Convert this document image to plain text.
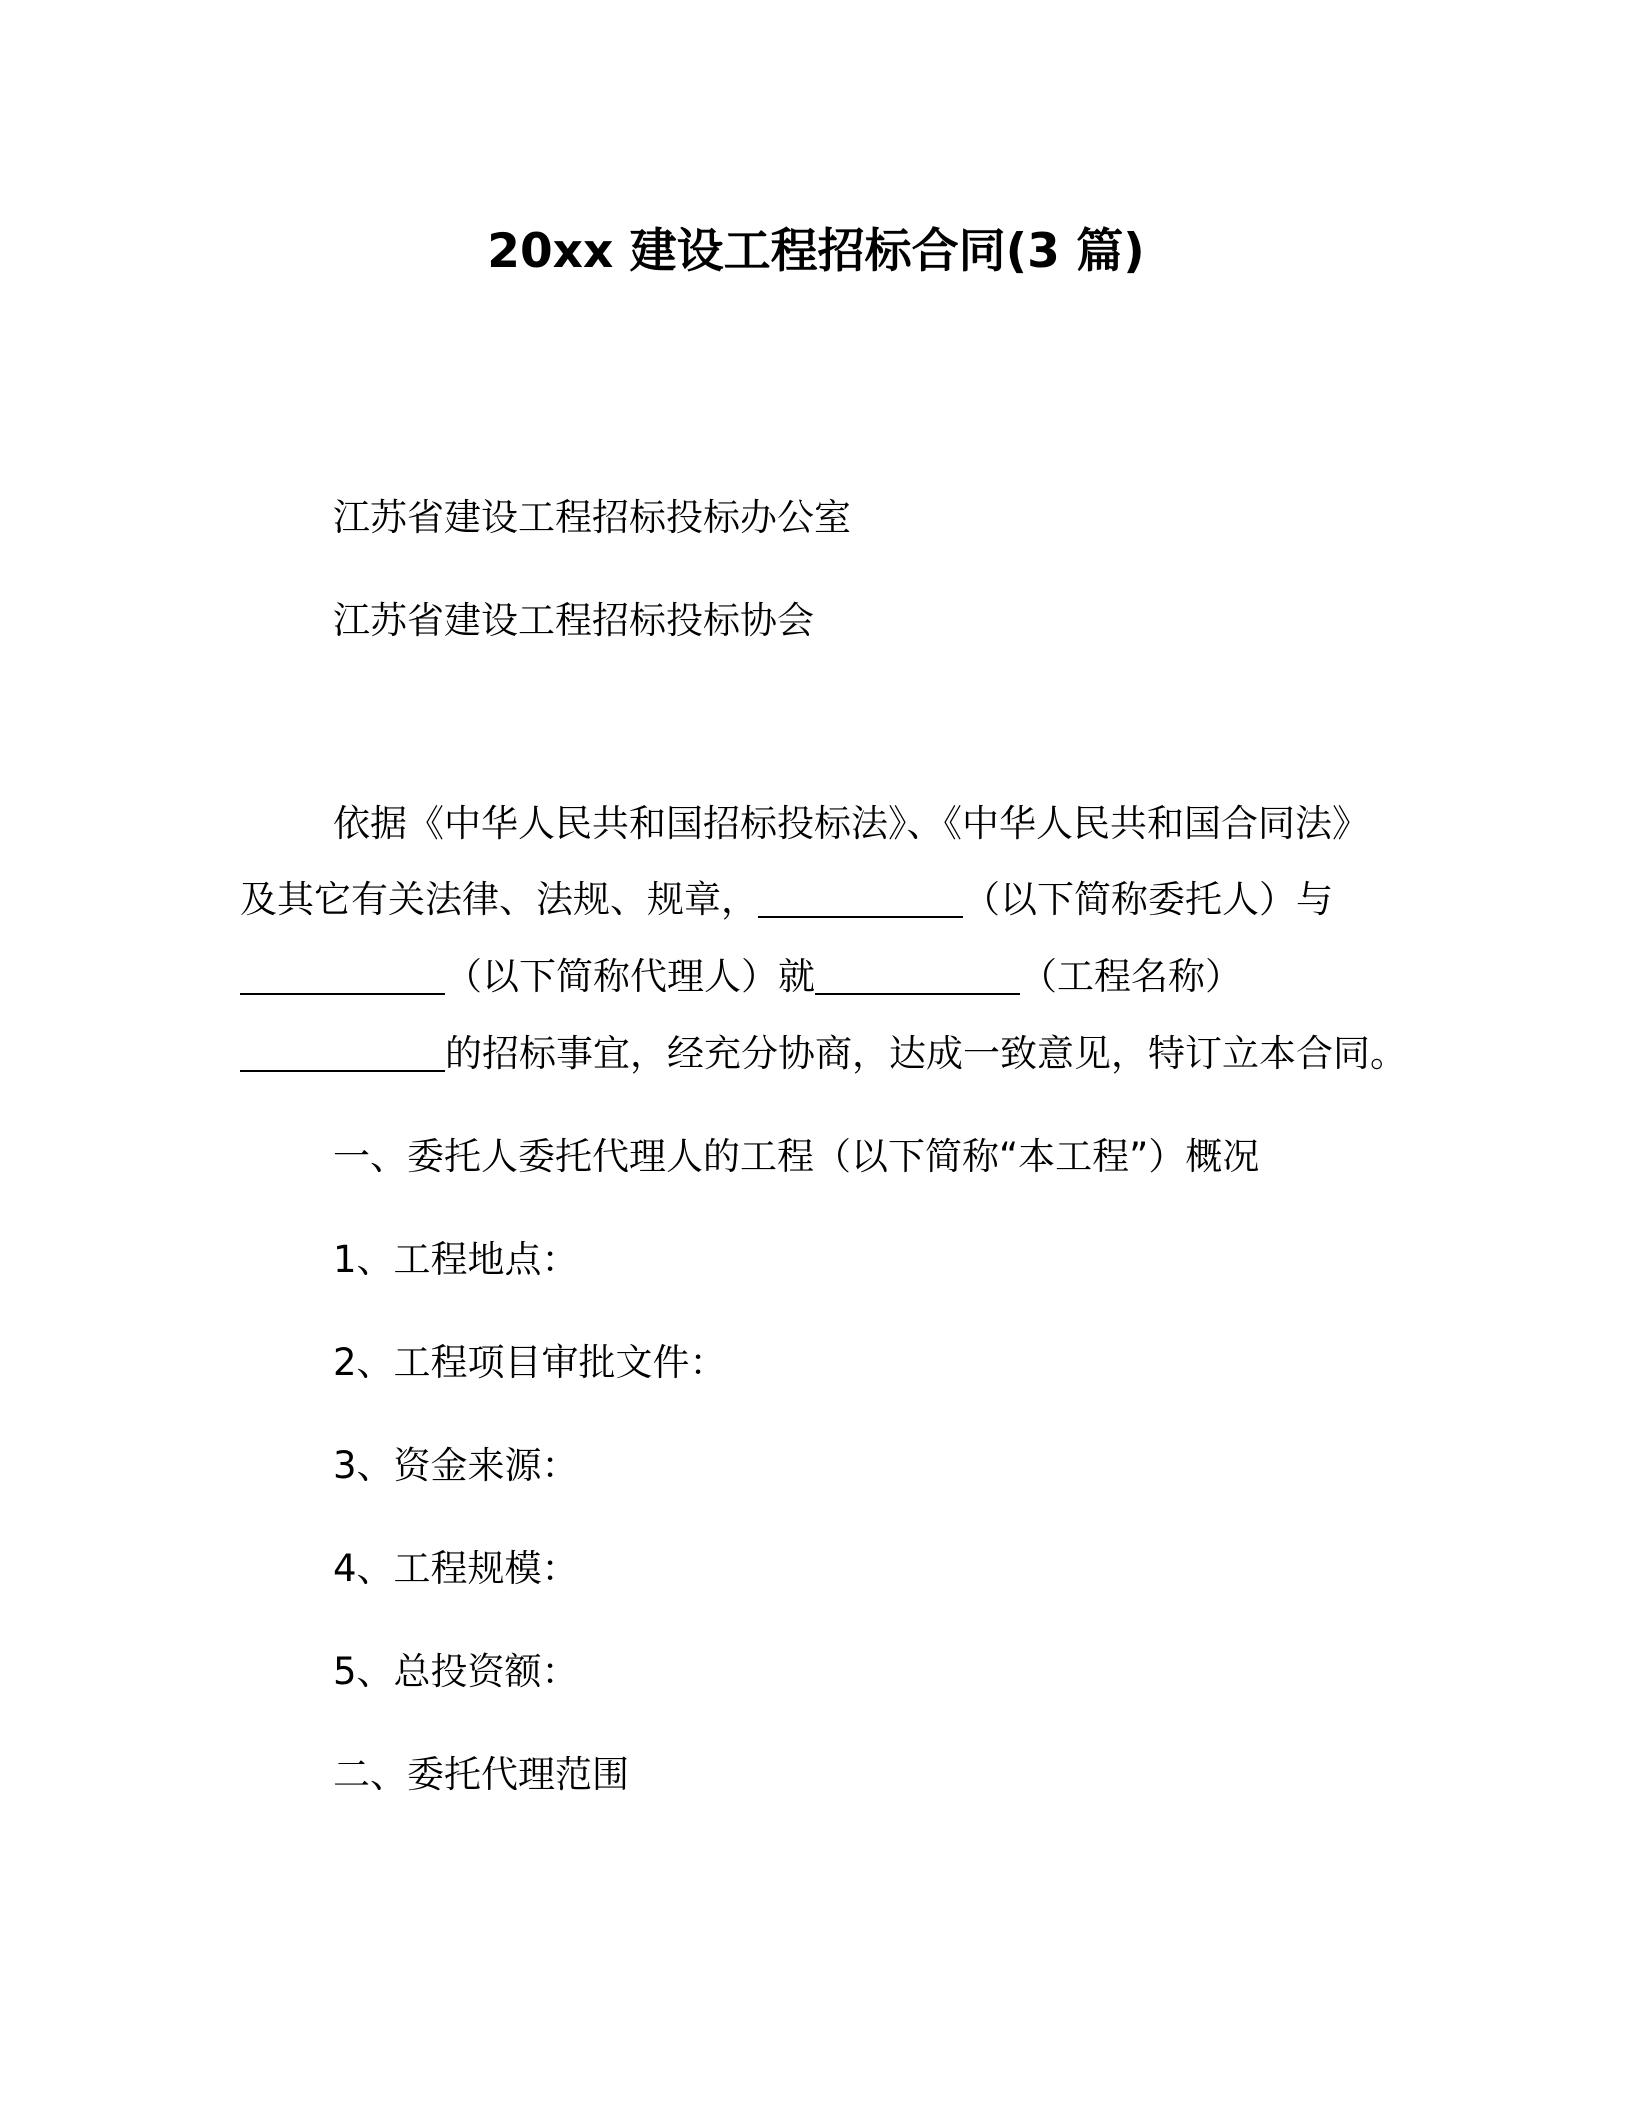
20xx 建设工程招标合同(3 篇)
江苏省建设工程招标投标办公室
江苏省建设工程招标投标协会
依据《中华人民共和国招标投标法》、《中华人民共和国合同法》
及其它有关法律、法规、规章，	（以下简称委托人）与
（以下简称代理人）就	（工程名称）
的招标事宜，经充分协商，达成一致意见，特订立本合同。
一、委托人委托代理人的工程（以下简称“本工程”）概况
1、工程地点：
2、工程项目审批文件：
3、资金来源：
4、工程规模：
5、总投资额：
二、委托代理范围
